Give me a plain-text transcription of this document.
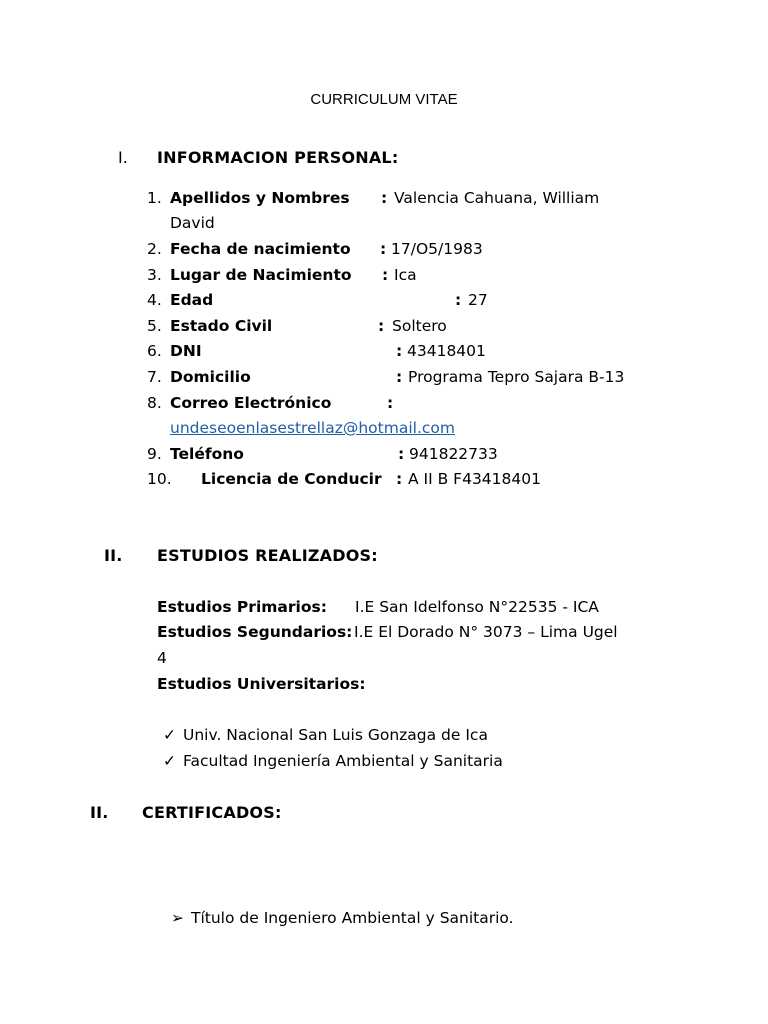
CURRICULUM VITAE
I. INFORMACION PERSONAL:
1. Apellidos y Nombres : Valencia Cahuana, William
David
2. Fecha de nacimiento : 17/O5/1983
3. Lugar de Nacimiento : Ica
4. Edad	: 27
5. Estado Civil	: Soltero
6. DNI	: 43418401
7. Domicilio	: Programa Tepro Sajara B-13
8. Correo Electrónico	:
undeseoenlasestrellaz@hotmail.com
9. Teléfono	: 941822733
10. Licencia de Conducir : A II B F43418401
II. ESTUDIOS REALIZADOS:
Estudios Primarios: I.E San Idelfonso N°22535 - ICA
Estudios Segundarios: I.E El Dorado N° 3073 – Lima Ugel
4
Estudios Universitarios:
✓ Univ. Nacional San Luis Gonzaga de Ica
✓ Facultad Ingeniería Ambiental y Sanitaria
II. CERTIFICADOS:
➢ Título de Ingeniero Ambiental y Sanitario.
